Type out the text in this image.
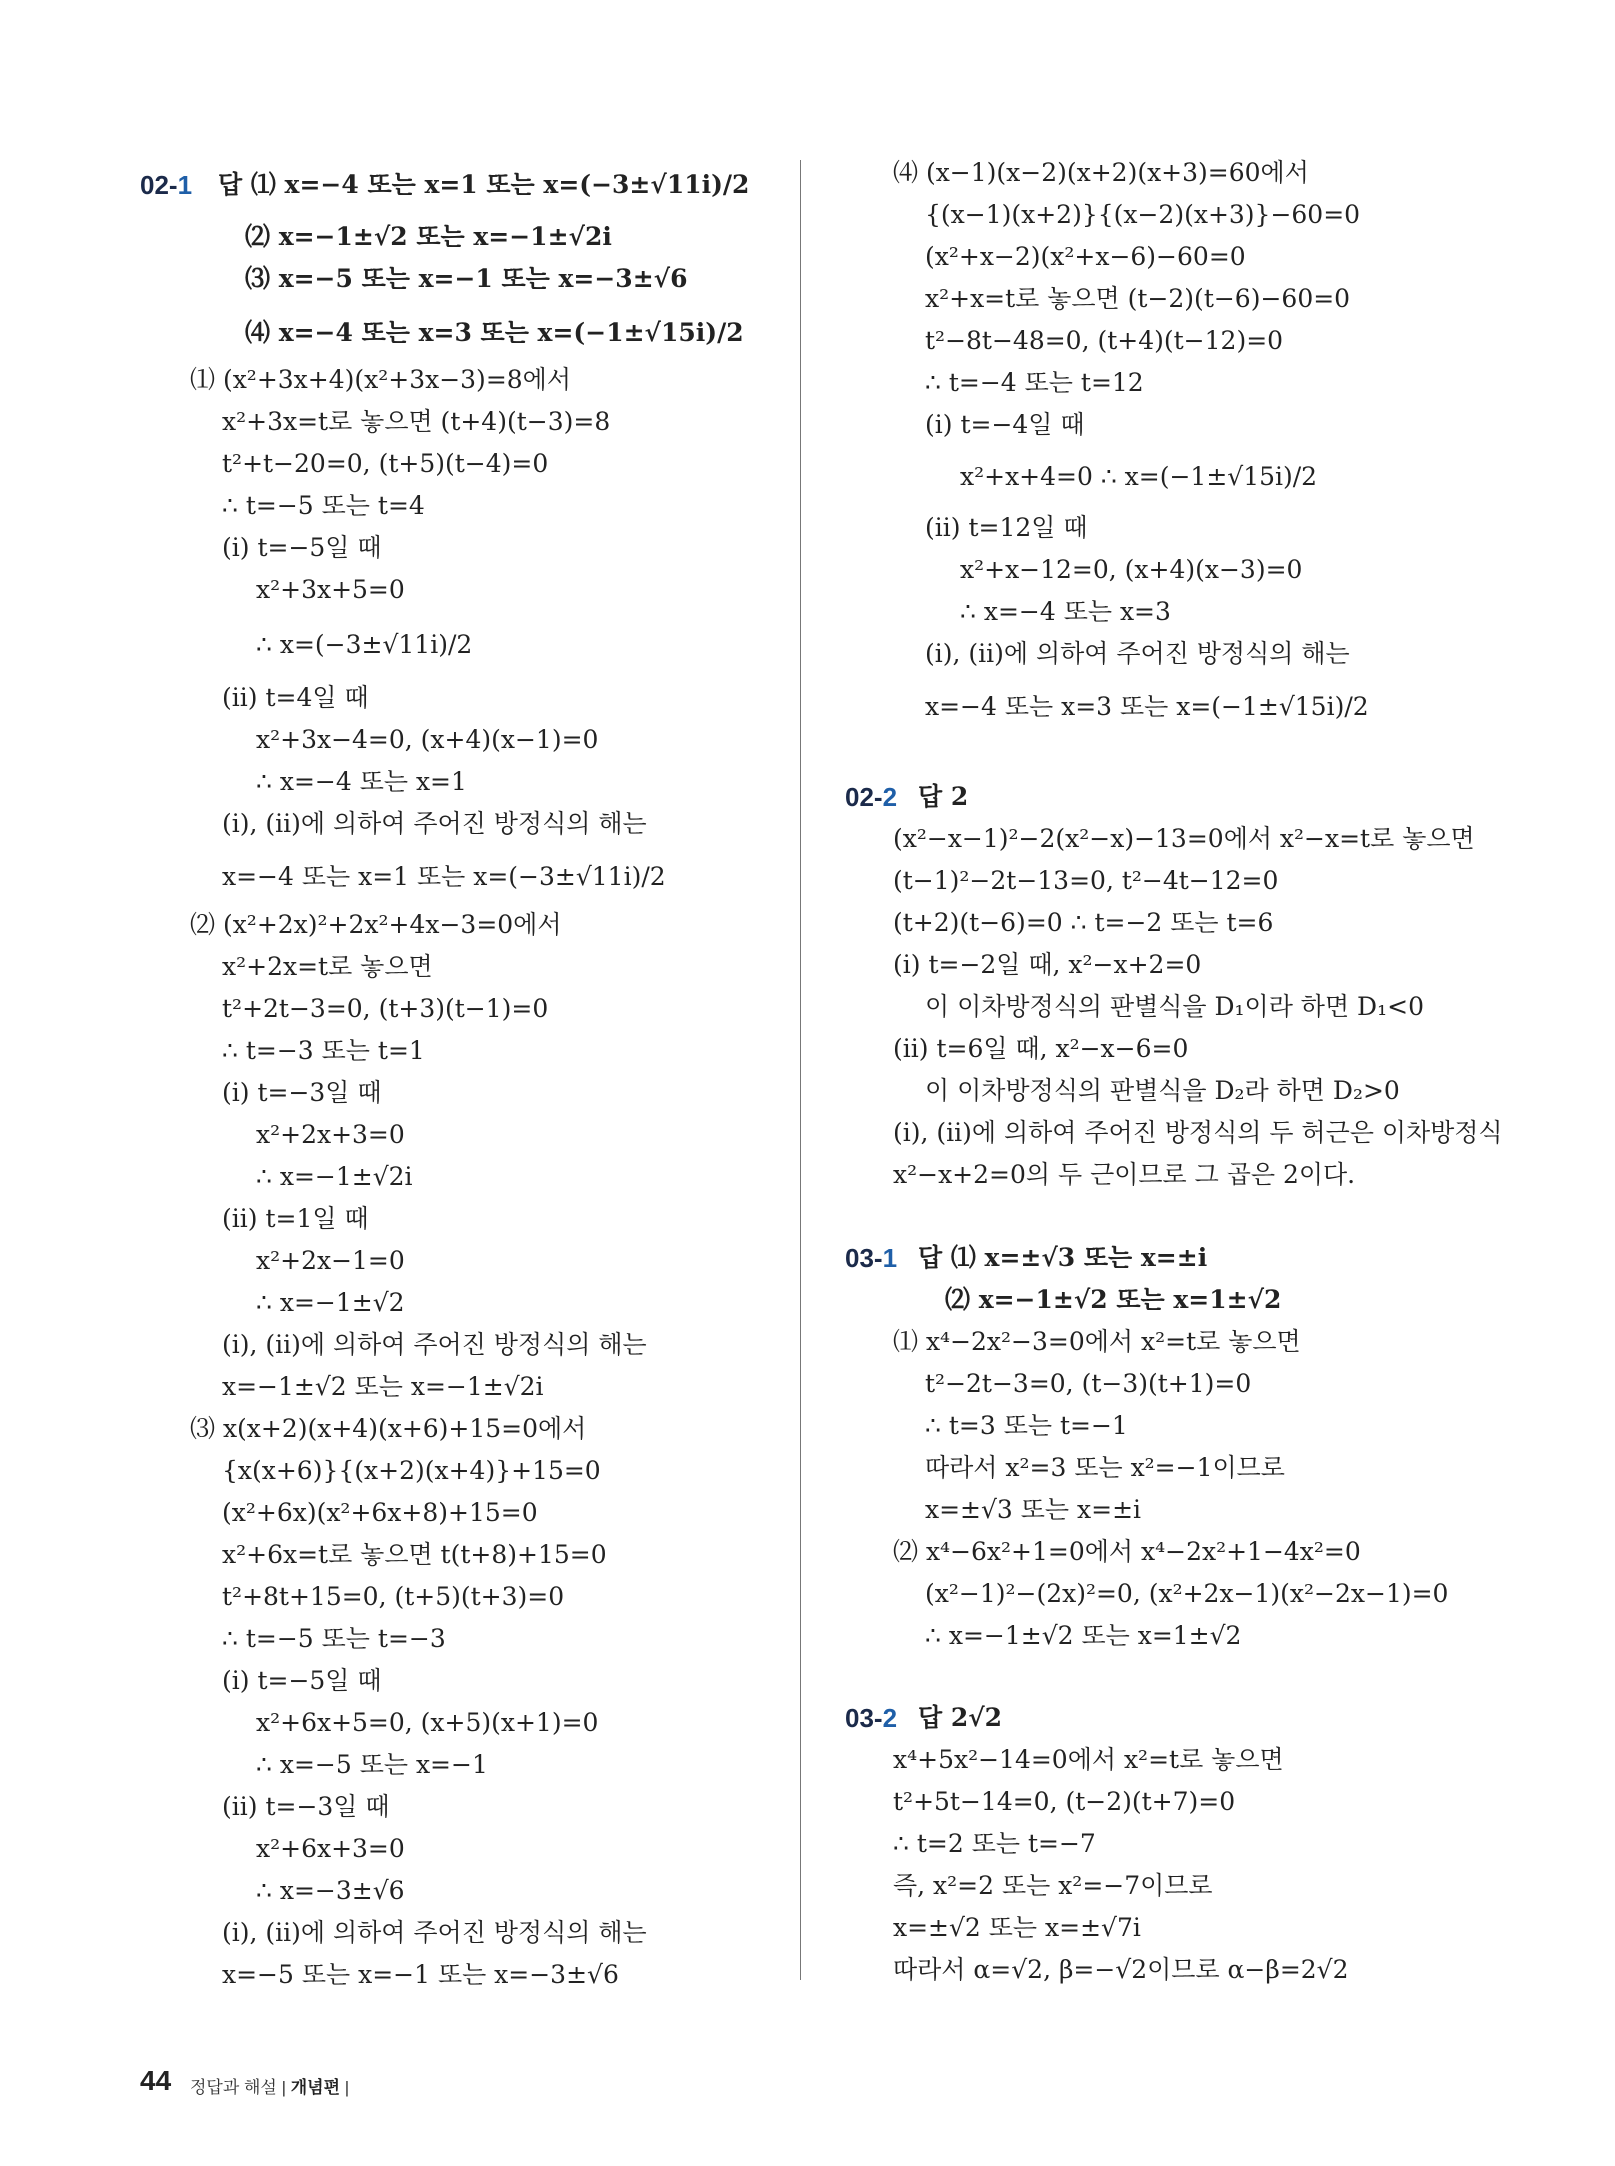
02-1
02-2
03-1
03-2
답 ⑴ x=−4 또는 x=1 또는 x=(−3±√11i)/2
⑵ x=−1±√2 또는 x=−1±√2i
⑶ x=−5 또는 x=−1 또는 x=−3±√6
⑷ x=−4 또는 x=3 또는 x=(−1±√15i)/2
⑴ (x²+3x+4)(x²+3x−3)=8에서
x²+3x=t로 놓으면 (t+4)(t−3)=8
t²+t−20=0, (t+5)(t−4)=0
∴ t=−5 또는 t=4
(ⅰ) t=−5일 때
x²+3x+5=0
∴ x=(−3±√11i)/2
(ⅱ) t=4일 때
x²+3x−4=0, (x+4)(x−1)=0
∴ x=−4 또는 x=1
(ⅰ), (ⅱ)에 의하여 주어진 방정식의 해는
x=−4 또는 x=1 또는 x=(−3±√11i)/2
⑵ (x²+2x)²+2x²+4x−3=0에서
x²+2x=t로 놓으면
t²+2t−3=0, (t+3)(t−1)=0
∴ t=−3 또는 t=1
(ⅰ) t=−3일 때
x²+2x+3=0
∴ x=−1±√2i
(ⅱ) t=1일 때
x²+2x−1=0
∴ x=−1±√2
(ⅰ), (ⅱ)에 의하여 주어진 방정식의 해는
x=−1±√2 또는 x=−1±√2i
⑶ x(x+2)(x+4)(x+6)+15=0에서
{x(x+6)}{(x+2)(x+4)}+15=0
(x²+6x)(x²+6x+8)+15=0
x²+6x=t로 놓으면 t(t+8)+15=0
t²+8t+15=0, (t+5)(t+3)=0
∴ t=−5 또는 t=−3
(ⅰ) t=−5일 때
x²+6x+5=0, (x+5)(x+1)=0
∴ x=−5 또는 x=−1
(ⅱ) t=−3일 때
x²+6x+3=0
∴ x=−3±√6
(ⅰ), (ⅱ)에 의하여 주어진 방정식의 해는
x=−5 또는 x=−1 또는 x=−3±√6
⑷ (x−1)(x−2)(x+2)(x+3)=60에서
{(x−1)(x+2)}{(x−2)(x+3)}−60=0
(x²+x−2)(x²+x−6)−60=0
x²+x=t로 놓으면 (t−2)(t−6)−60=0
t²−8t−48=0, (t+4)(t−12)=0
∴ t=−4 또는 t=12
(ⅰ) t=−4일 때
x²+x+4=0 ∴ x=(−1±√15i)/2
(ⅱ) t=12일 때
x²+x−12=0, (x+4)(x−3)=0
∴ x=−4 또는 x=3
(ⅰ), (ⅱ)에 의하여 주어진 방정식의 해는
x=−4 또는 x=3 또는 x=(−1±√15i)/2
답 2
(x²−x−1)²−2(x²−x)−13=0에서 x²−x=t로 놓으면
(t−1)²−2t−13=0, t²−4t−12=0
(t+2)(t−6)=0 ∴ t=−2 또는 t=6
(ⅰ) t=−2일 때, x²−x+2=0
이 이차방정식의 판별식을 D₁이라 하면 D₁<0
(ⅱ) t=6일 때, x²−x−6=0
이 이차방정식의 판별식을 D₂라 하면 D₂>0
(ⅰ), (ⅱ)에 의하여 주어진 방정식의 두 허근은 이차방정식
x²−x+2=0의 두 근이므로 그 곱은 2이다.
답 ⑴ x=±√3 또는 x=±i
⑵ x=−1±√2 또는 x=1±√2
⑴ x⁴−2x²−3=0에서 x²=t로 놓으면
t²−2t−3=0, (t−3)(t+1)=0
∴ t=3 또는 t=−1
따라서 x²=3 또는 x²=−1이므로
x=±√3 또는 x=±i
⑵ x⁴−6x²+1=0에서 x⁴−2x²+1−4x²=0
(x²−1)²−(2x)²=0, (x²+2x−1)(x²−2x−1)=0
∴ x=−1±√2 또는 x=1±√2
답 2√2
x⁴+5x²−14=0에서 x²=t로 놓으면
t²+5t−14=0, (t−2)(t+7)=0
∴ t=2 또는 t=−7
즉, x²=2 또는 x²=−7이므로
x=±√2 또는 x=±√7i
따라서 α=√2, β=−√2이므로 α−β=2√2
44 정답과 해설 | 개념편 |
